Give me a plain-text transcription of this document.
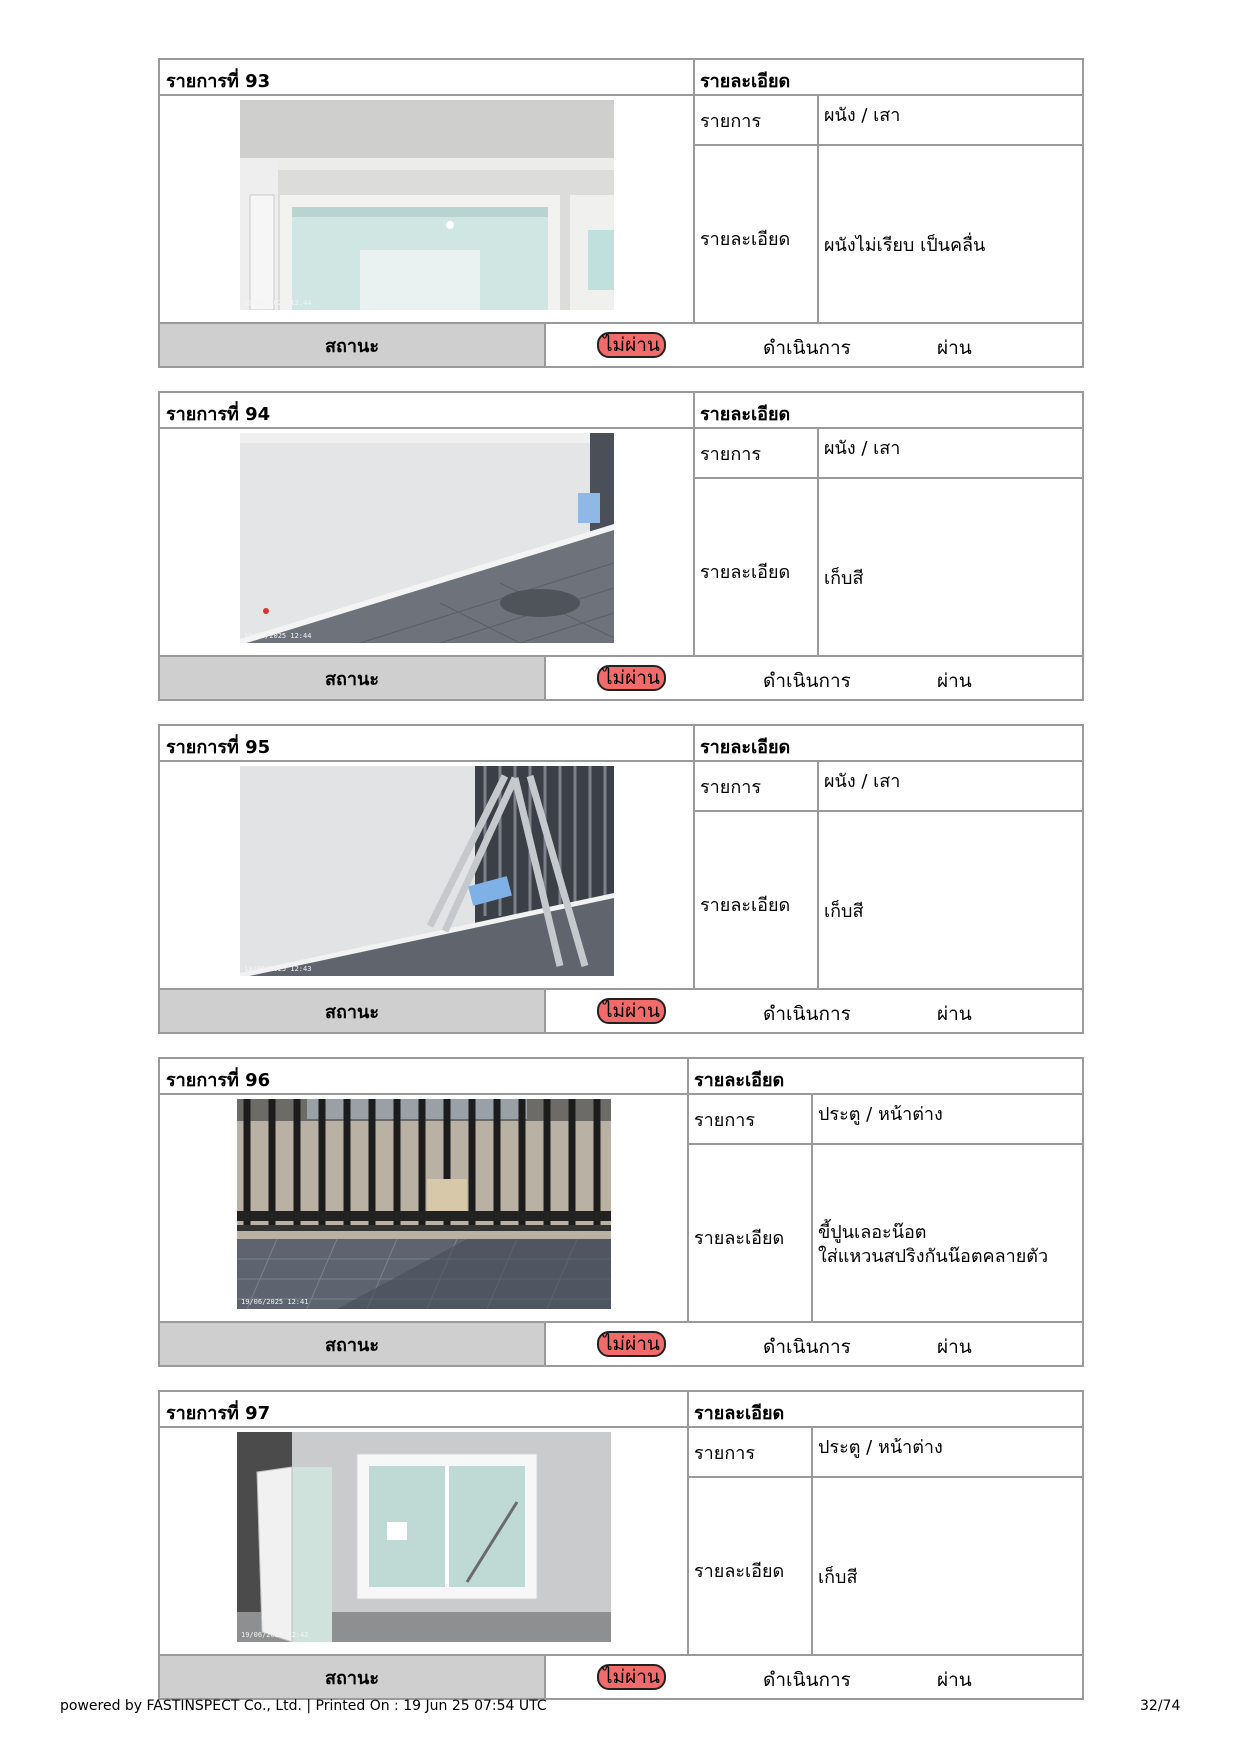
รายการที่ 93	รายละเอียด
19/06/2025 12:44
รายการ	ผนัง / เสา
รายละเอียด ผนังไม่เรียบ เป็นคลื่น
สถานะ	ไม่ผ่าน	ดำเนินการ	ผ่าน
รายการที่ 94	รายละเอียด
19/06/2025 12:44
รายการ	ผนัง / เสา
รายละเอียด เก็บสี
สถานะ	ไม่ผ่าน	ดำเนินการ	ผ่าน
รายการที่ 95	รายละเอียด
19/06/2025 12:43
รายการ	ผนัง / เสา
รายละเอียด เก็บสี
สถานะ	ไม่ผ่าน	ดำเนินการ	ผ่าน
รายการที่ 96	รายละเอียด
19/06/2025 12:41
รายการ	ประตู / หน้าต่าง
รายละเอียด ขี้ปูนเลอะน๊อต
ใส่แหวนสปริงกันน๊อตคลายตัว
สถานะ	ไม่ผ่าน	ดำเนินการ	ผ่าน
รายการที่ 97	รายละเอียด
19/06/2025 12:42
รายการ	ประตู / หน้าต่าง
รายละเอียด เก็บสี
สถานะ	ไม่ผ่าน	ดำเนินการ	ผ่าน
powered by FASTINSPECT Co., Ltd. | Printed On : 19 Jun 25 07:54 UTC	32/74
